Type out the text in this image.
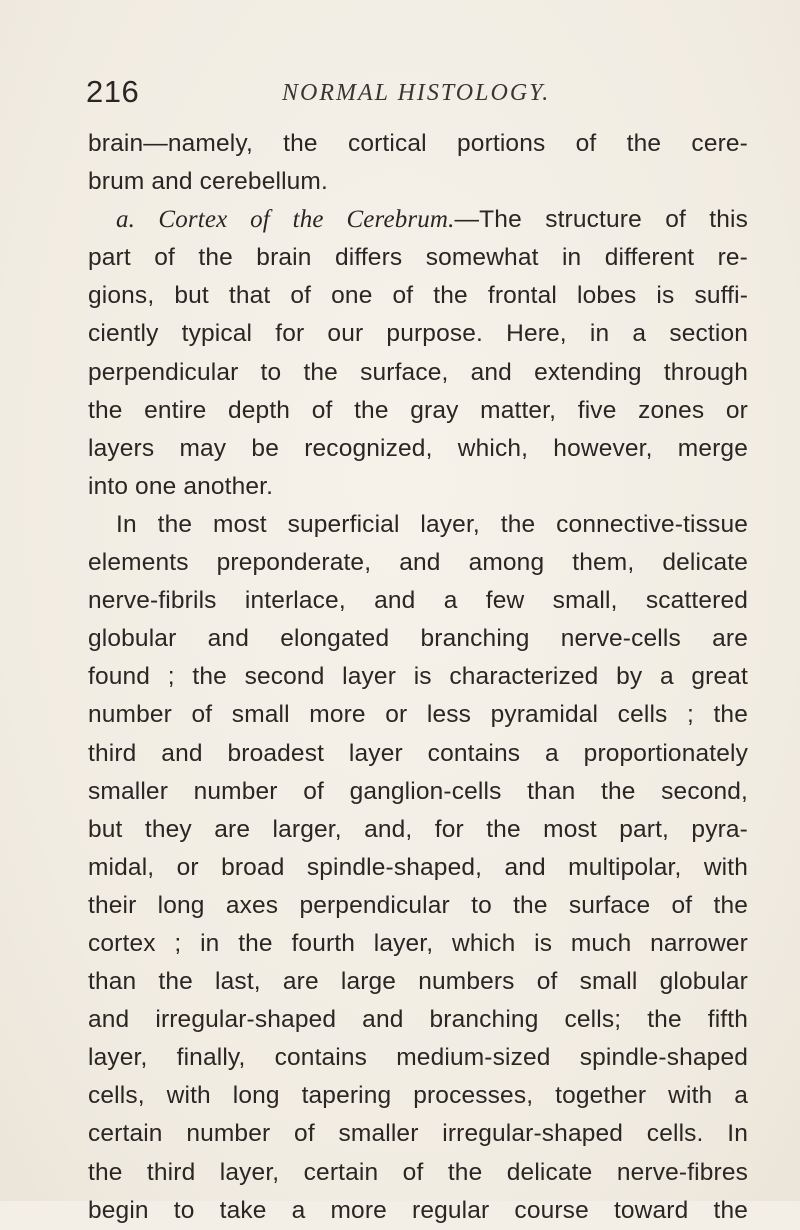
216	NORMAL HISTOLOGY.
brain—namely, the cortical portions of the cere-
brum and cerebellum.
a. Cortex of the Cerebrum.—The structure of this
part of the brain differs somewhat in different re-
gions, but that of one of the frontal lobes is suffi-
ciently typical for our purpose. Here, in a section
perpendicular to the surface, and extending through
the entire depth of the gray matter, five zones or
layers may be recognized, which, however, merge
into one another.
In the most superficial layer, the connective-tissue
elements preponderate, and among them, delicate
nerve-fibrils interlace, and a few small, scattered
globular and elongated branching nerve-cells are
found ; the second layer is characterized by a great
number of small more or less pyramidal cells ; the
third and broadest layer contains a proportionately
smaller number of ganglion-cells than the second,
but they are larger, and, for the most part, pyra-
midal, or broad spindle-shaped, and multipolar, with
their long axes perpendicular to the surface of the
cortex ; in the fourth layer, which is much narrower
than the last, are large numbers of small globular
and irregular-shaped and branching cells; the fifth
layer, finally, contains medium-sized spindle-shaped
cells, with long tapering processes, together with a
certain number of smaller irregular-shaped cells. In
the third layer, certain of the delicate nerve-fibres
begin to take a more regular course toward the
